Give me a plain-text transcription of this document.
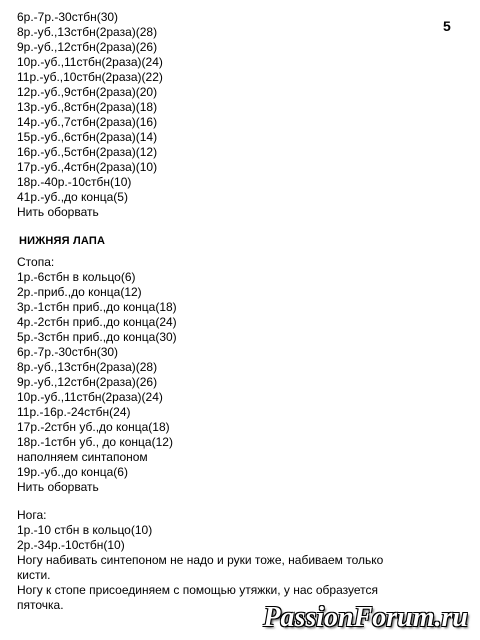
5
6р.-7р.-30стбн(30)
8р.-уб.,13стбн(2раза)(28)
9р.-уб.,12стбн(2раза)(26)
10р.-уб.,11стбн(2раза)(24)
11р.-уб.,10стбн(2раза)(22)
12р.-уб.,9стбн(2раза)(20)
13р.-уб.,8стбн(2раза)(18)
14р.-уб.,7стбн(2раза)(16)
15р.-уб.,6стбн(2раза)(14)
16р.-уб.,5стбн(2раза)(12)
17р.-уб.,4стбн(2раза)(10)
18р.-40р.-10стбн(10)
41р.-уб.,до конца(5)
Нить оборвать
НИЖНЯЯ ЛАПА
Стопа:
1р.-6стбн в кольцо(6)
2р.-приб.,до конца(12)
3р.-1стбн приб.,до конца(18)
4р.-2стбн приб.,до конца(24)
5р.-3стбн приб.,до конца(30)
6р.-7р.-30стбн(30)
8р.-уб.,13стбн(2раза)(28)
9р.-уб.,12стбн(2раза)(26)
10р.-уб.,11стбн(2раза)(24)
11р.-16р.-24стбн(24)
17р.-2стбн уб.,до конца(18)
18р.-1стбн уб., до конца(12)
наполняем синтапоном
19р.-уб.,до конца(6)
Нить оборвать
Нога:
1р.-10 стбн в кольцо(10)
2р.-34р.-10стбн(10)
Ногу набивать синтепоном не надо и руки тоже, набиваем только
кисти.
Ногу к стопе присоединяем с помощью утяжки, у нас образуется
пяточка.	PassionForum.ru
